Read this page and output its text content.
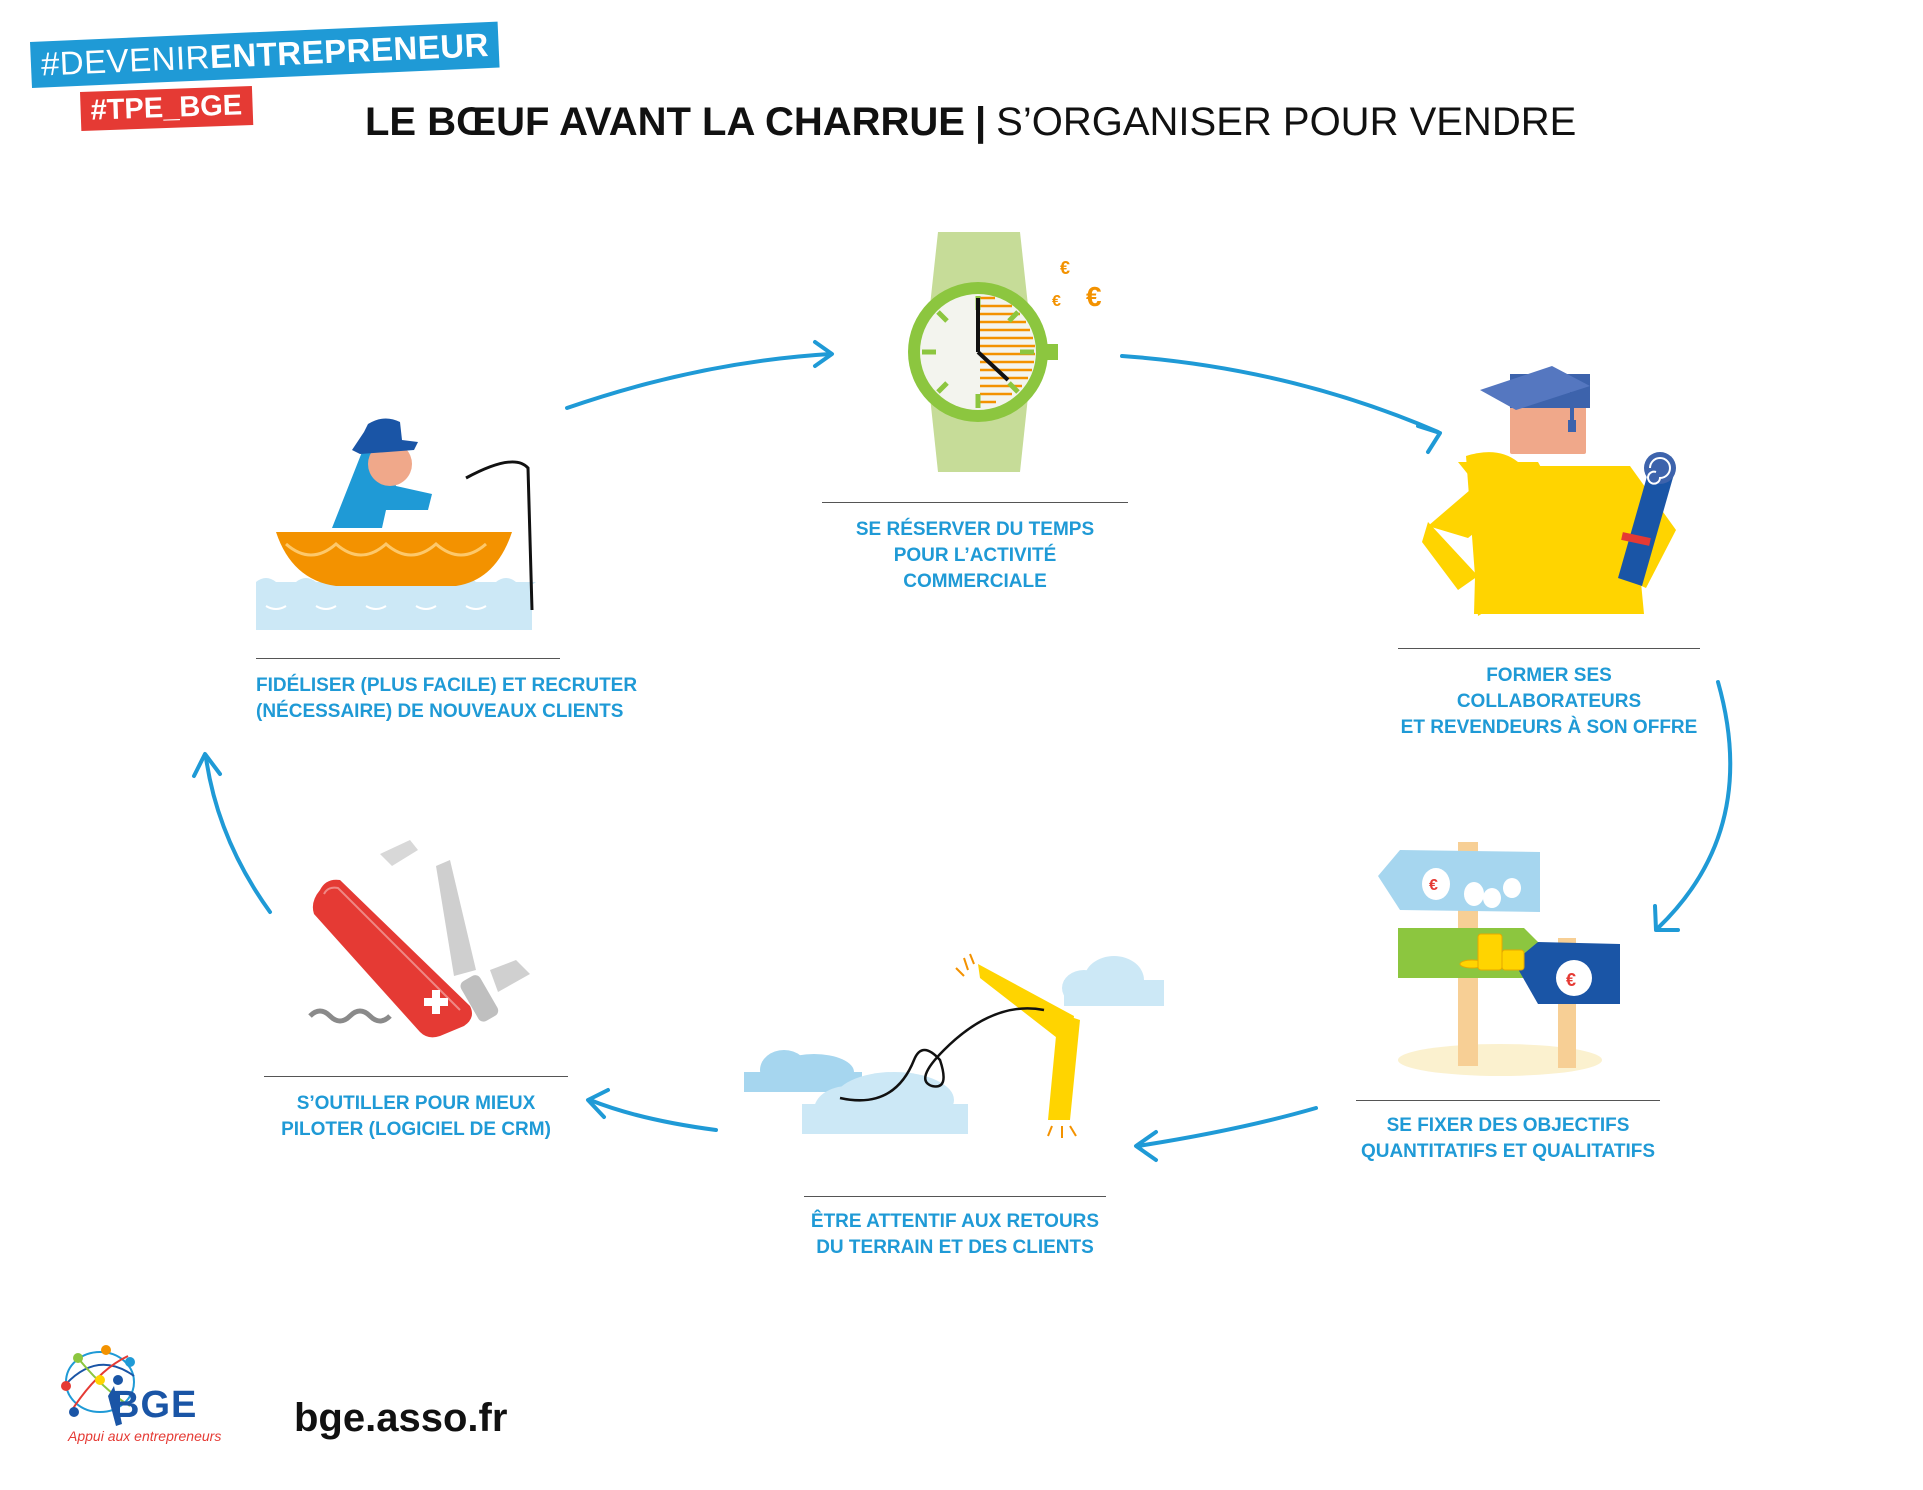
#DEVENIRENTREPRENEUR
#TPE_BGE	LE BŒUF AVANT LA CHARRUE | S’ORGANISER POUR VENDRE
€
€ €
€
€
SE RÉSERVER DU TEMPS
POUR L’ACTIVITÉ COMMERCIALE
FORMER SES COLLABORATEURS
ET REVENDEURS À SON OFFRE
SE FIXER DES OBJECTIFS
QUANTITATIFS ET QUALITATIFS
ÊTRE ATTENTIF AUX RETOURS
DU TERRAIN ET DES CLIENTS
S’OUTILLER POUR MIEUX
PILOTER (LOGICIEL DE CRM)
FIDÉLISER (PLUS FACILE) ET RECRUTER
(NÉCESSAIRE) DE NOUVEAUX CLIENTS
BGE
Appui aux entrepreneurs bge.asso.fr
